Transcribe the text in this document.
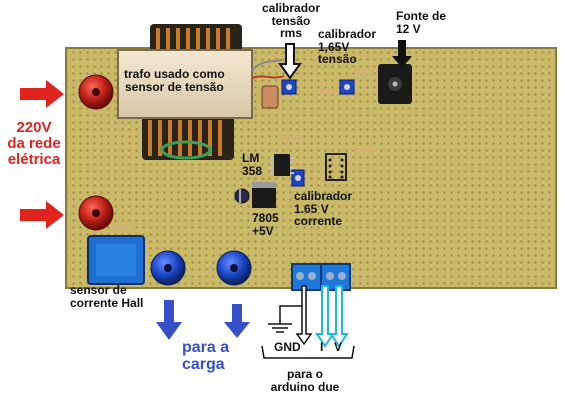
trafo usado como
sensor de tensão
calibrador
tensão
rms	calibrador
1,65V
tensão
Fonte de
12 V
220V
da rede
elétrica	LM
358
7805
+5V
calibrador
1.65 V
corrente
sensor de
corrente Hall
para a
carga
para o
arduino due
GND I V
